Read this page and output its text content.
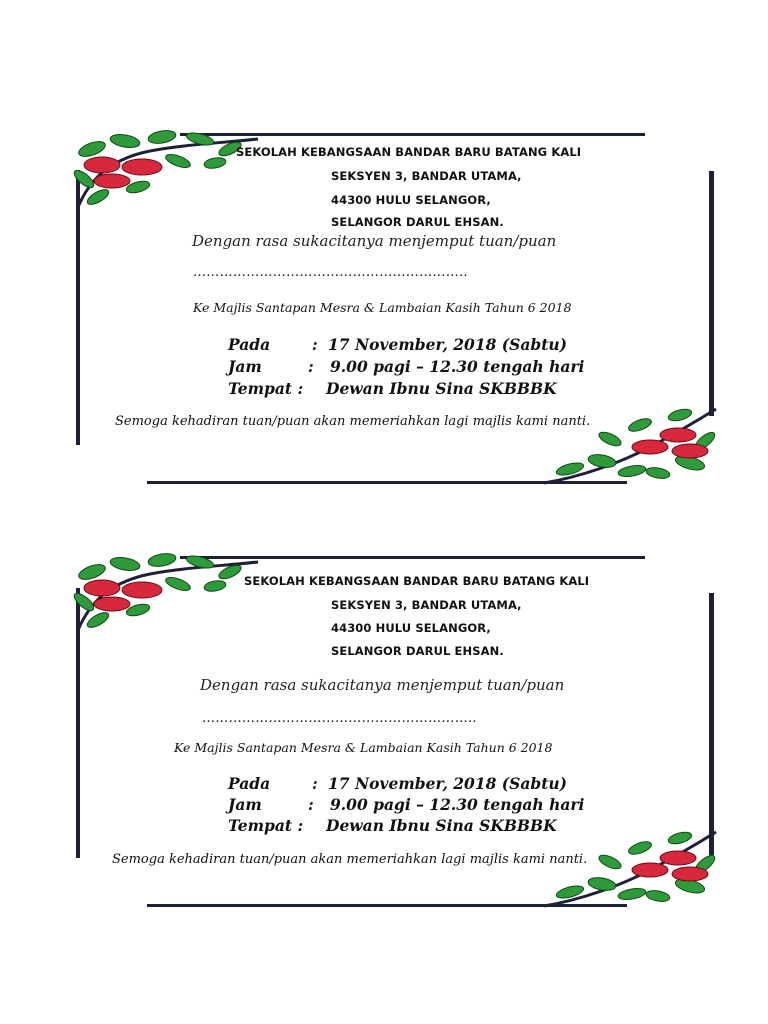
SEKOLAH KEBANGSAAN BANDAR BARU BATANG KALI
SEKSYEN 3, BANDAR UTAMA,
44300 HULU SELANGOR,
SELANGOR DARUL EHSAN.
Dengan rasa sukacitanya menjemput tuan/puan
……………………………………………………..
Ke Majlis Santapan Mesra & Lambaian Kasih Tahun 6 2018
Pada	: 17 November, 2018 (Sabtu)
Jam	: 9.00 pagi – 12.30 tengah hari
Tempat : Dewan Ibnu Sina SKBBBK
Semoga kehadiran tuan/puan akan memeriahkan lagi majlis kami nanti.
SEKOLAH KEBANGSAAN BANDAR BARU BATANG KALI
SEKSYEN 3, BANDAR UTAMA,
44300 HULU SELANGOR,
SELANGOR DARUL EHSAN.
Dengan rasa sukacitanya menjemput tuan/puan
……………………………………………………..
Ke Majlis Santapan Mesra & Lambaian Kasih Tahun 6 2018
Pada	: 17 November, 2018 (Sabtu)
Jam	: 9.00 pagi – 12.30 tengah hari
Tempat : Dewan Ibnu Sina SKBBBK
Semoga kehadiran tuan/puan akan memeriahkan lagi majlis kami nanti.
